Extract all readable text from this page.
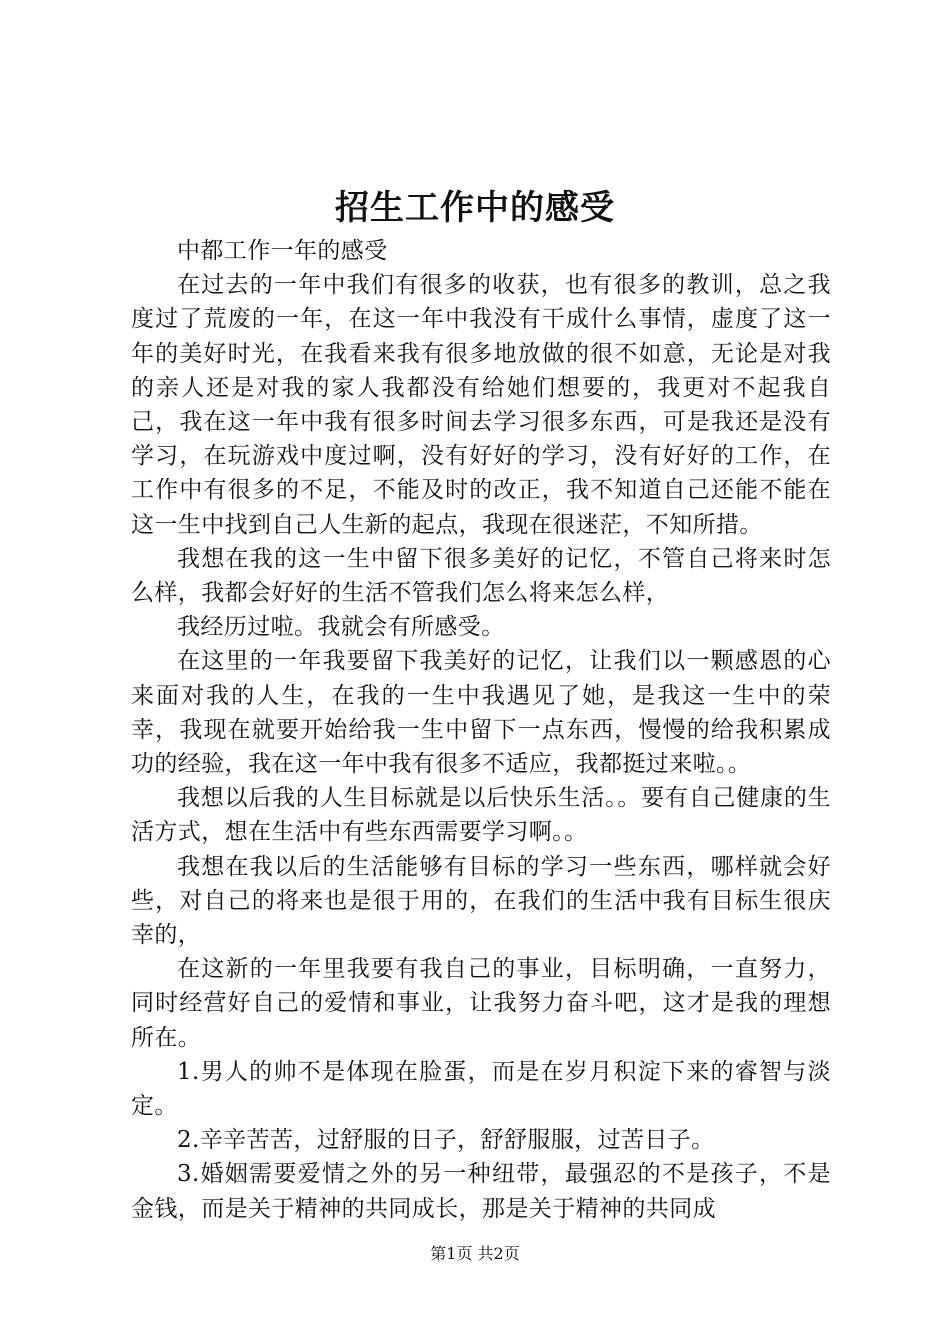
招生工作中的感受

中都工作一年的感受

在过去的一年中我们有很多的收获，也有很多的教训，总之我度过了荒废的一年，在这一年中我没有干成什么事情，虚度了这一年的美好时光，在我看来我有很多地放做的很不如意，无论是对我的亲人还是对我的家人我都没有给她们想要的，我更对不起我自己，我在这一年中我有很多时间去学习很多东西，可是我还是没有学习，在玩游戏中度过啊，没有好好的学习，没有好好的工作，在工作中有很多的不足，不能及时的改正，我不知道自己还能不能在这一生中找到自己人生新的起点，我现在很迷茫，不知所措。

我想在我的这一生中留下很多美好的记忆，不管自己将来时怎么样，我都会好好的生活不管我们怎么将来怎么样，

我经历过啦。我就会有所感受。

在这里的一年我要留下我美好的记忆，让我们以一颗感恩的心来面对我的人生，在我的一生中我遇见了她，是我这一生中的荣幸，我现在就要开始给我一生中留下一点东西，慢慢的给我积累成功的经验，我在这一年中我有很多不适应，我都挺过来啦。。

我想以后我的人生目标就是以后快乐生活。。要有自己健康的生活方式，想在生活中有些东西需要学习啊。。

我想在我以后的生活能够有目标的学习一些东西，哪样就会好些，对自己的将来也是很于用的，在我们的生活中我有目标生很庆幸的，

在这新的一年里我要有我自己的事业，目标明确，一直努力，同时经营好自己的爱情和事业，让我努力奋斗吧，这才是我的理想所在。

1.男人的帅不是体现在脸蛋，而是在岁月积淀下来的睿智与淡定。

2.辛辛苦苦，过舒服的日子，舒舒服服，过苦日子。

3.婚姻需要爱情之外的另一种纽带，最强忍的不是孩子，不是金钱，而是关于精神的共同成长，那是关于精神的共同成

第1页 共2页
